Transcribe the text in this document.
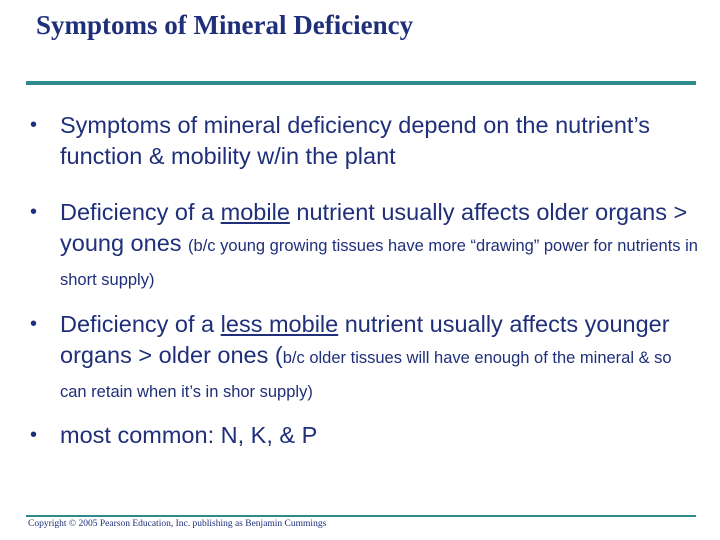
Symptoms of Mineral Deficiency
• Symptoms of mineral deficiency depend on the nutrient’s function & mobility w/in the plant
• Deficiency of a mobile nutrient usually affects older organs > young ones (b/c young growing tissues have more “drawing” power for nutrients in short supply)
• Deficiency of a less mobile nutrient usually affects younger organs > older ones (b/c older tissues will have enough of the mineral & so can retain when it’s in shor supply)
• most common: N, K, & P
Copyright © 2005 Pearson Education, Inc. publishing as Benjamin Cummings
